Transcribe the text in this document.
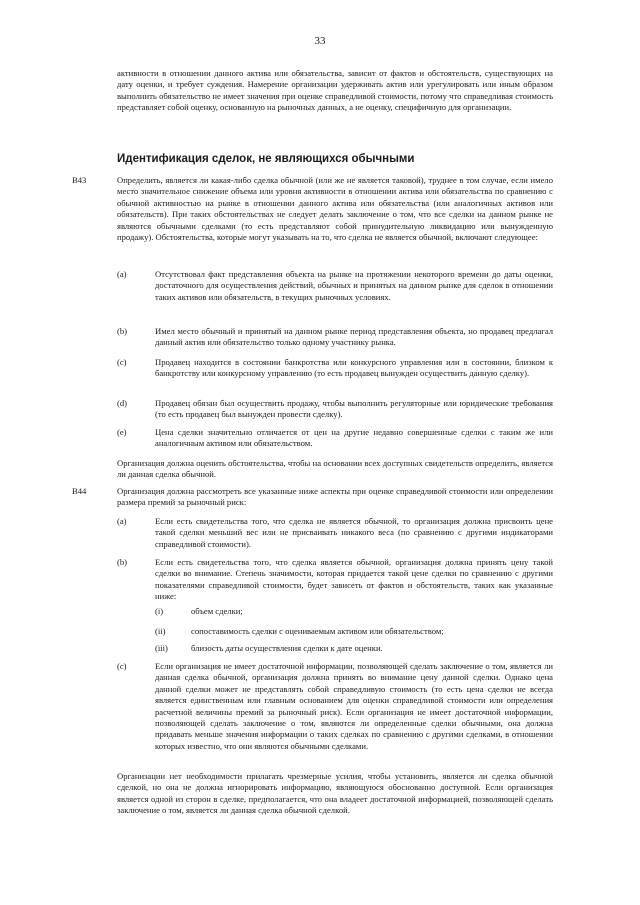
33
активности в отношении данного актива или обязательства, зависит от фактов и обстоятельств, существующих на дату оценки, и требует суждения. Намерение организации удерживать актив или урегулировать или иным образом выполнить обязательство не имеет значения при оценке справедливой стоимости, потому что справедливая стоимость представляет собой оценку, основанную на рыночных данных, а не оценку, специфичную для организации.
Идентификация сделок, не являющихся обычными
B43	Определить, является ли какая-либо сделка обычной (или же не является таковой), труднее в том случае, если имело место значительное снижение объема или уровня активности в отношении актива или обязательства по сравнению с обычной активностью на рынке в отношении данного актива или обязательства (или аналогичных активов или обязательств). При таких обстоятельствах не следует делать заключение о том, что все сделки на данном рынке не являются обычными сделками (то есть представляют собой принудительную ликвидацию или вынужденную продажу). Обстоятельства, которые могут указывать на то, что сделка не является обычной, включают следующее:
(a)	Отсутствовал факт представления объекта на рынке на протяжении некоторого времени до даты оценки, достаточного для осуществления действий, обычных и принятых на данном рынке для сделок в отношении таких активов или обязательств, в текущих рыночных условиях.
(b)	Имел место обычный и принятый на данном рынке период представления объекта, но продавец предлагал данный актив или обязательство только одному участнику рынка.
(c)	Продавец находится в состоянии банкротства или конкурсного управления или в состоянии, близком к банкротству или конкурсному управлению (то есть продавец вынужден осуществить данную сделку).
(d)	Продавец обязан был осуществить продажу, чтобы выполнить регуляторные или юридические требования (то есть продавец был вынужден провести сделку).
(e)	Цена сделки значительно отличается от цен на другие недавно совершенные сделки с таким же или аналогичным активом или обязательством.
Организация должна оценить обстоятельства, чтобы на основании всех доступных свидетельств определить, является ли данная сделка обычной.
B44	Организация должна рассмотреть все указанные ниже аспекты при оценке справедливой стоимости или определении размера премий за рыночный риск:
(a)	Если есть свидетельства того, что сделка не является обычной, то организация должна присвоить цене такой сделки меньший вес или не присваивать никакого веса (по сравнению с другими индикаторами справедливой стоимости).
(b)	Если есть свидетельства того, что сделка является обычной, организация должна принять цену такой сделки во внимание. Степень значимости, которая придается такой цене сделки по сравнению с другими показателями справедливой стоимости, будет зависеть от фактов и обстоятельств, таких как указанные ниже:
(i)	объем сделки;
(ii)	сопоставимость сделки с оцениваемым активом или обязательством;
(iii)	близость даты осуществления сделки к дате оценки.
(c)	Если организация не имеет достаточной информации, позволяющей сделать заключение о том, является ли данная сделка обычной, организация должна принять во внимание цену данной сделки. Однако цена данной сделки может не представлять собой справедливую стоимость (то есть цена сделки не всегда является единственным или главным основанием для оценки справедливой стоимости или определения расчетной величины премий за рыночный риск). Если организация не имеет достаточной информации, позволяющей сделать заключение о том, являются ли определенные сделки обычными, она должна придавать меньше значения информации о таких сделках по сравнению с другими сделками, в отношении которых известно, что они являются обычными сделками.
Организации нет необходимости прилагать чрезмерные усилия, чтобы установить, является ли сделка обычной сделкой, но она не должна игнорировать информацию, являющуюся обоснованно доступной. Если организация является одной из сторон в сделке, предполагается, что она владеет достаточной информацией, позволяющей сделать заключение о том, является ли данная сделка обычной сделкой.
